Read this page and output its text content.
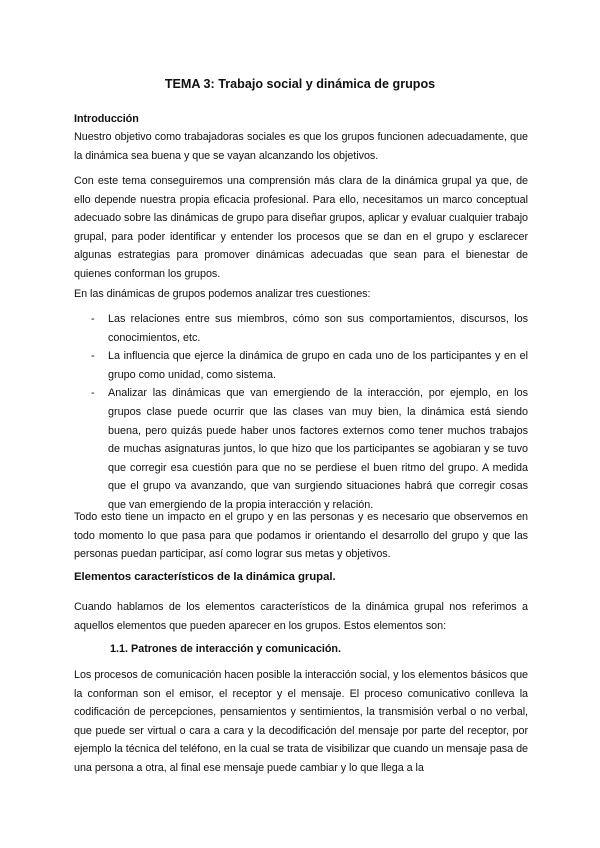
TEMA 3: Trabajo social y dinámica de grupos
Introducción
Nuestro objetivo como trabajadoras sociales es que los grupos funcionen adecuadamente, que la dinámica sea buena y que se vayan alcanzando los objetivos.
Con este tema conseguiremos una comprensión más clara de la dinámica grupal ya que, de ello depende nuestra propia eficacia profesional. Para ello, necesitamos un marco conceptual adecuado sobre las dinámicas de grupo para diseñar grupos, aplicar y evaluar cualquier trabajo grupal, para poder identificar y entender los procesos que se dan en el grupo y esclarecer algunas estrategias para promover dinámicas adecuadas que sean para el bienestar de quienes conforman los grupos.
En las dinámicas de grupos podemos analizar tres cuestiones:
- Las relaciones entre sus miembros, cómo son sus comportamientos, discursos, los conocimientos, etc.
- La influencia que ejerce la dinámica de grupo en cada uno de los participantes y en el grupo como unidad, como sistema.
- Analizar las dinámicas que van emergiendo de la interacción, por ejemplo, en los grupos clase puede ocurrir que las clases van muy bien, la dinámica está siendo buena, pero quizás puede haber unos factores externos como tener muchos trabajos de muchas asignaturas juntos, lo que hizo que los participantes se agobiaran y se tuvo que corregir esa cuestión para que no se perdiese el buen ritmo del grupo. A medida que el grupo va avanzando, que van surgiendo situaciones habrá que corregir cosas que van emergiendo de la propia interacción y relación.
Todo esto tiene un impacto en el grupo y en las personas y es necesario que observemos en todo momento lo que pasa para que podamos ir orientando el desarrollo del grupo y que las personas puedan participar, así como lograr sus metas y objetivos.
Elementos característicos de la dinámica grupal.
Cuando hablamos de los elementos característicos de la dinámica grupal nos referimos a aquellos elementos que pueden aparecer en los grupos. Estos elementos son:
1.1. Patrones de interacción y comunicación.
Los procesos de comunicación hacen posible la interacción social, y los elementos básicos que la conforman son el emisor, el receptor y el mensaje. El proceso comunicativo conlleva la codificación de percepciones, pensamientos y sentimientos, la transmisión verbal o no verbal, que puede ser virtual o cara a cara y la decodificación del mensaje por parte del receptor, por ejemplo la técnica del teléfono, en la cual se trata de visibilizar que cuando un mensaje pasa de una persona a otra, al final ese mensaje puede cambiar y lo que llega a la
